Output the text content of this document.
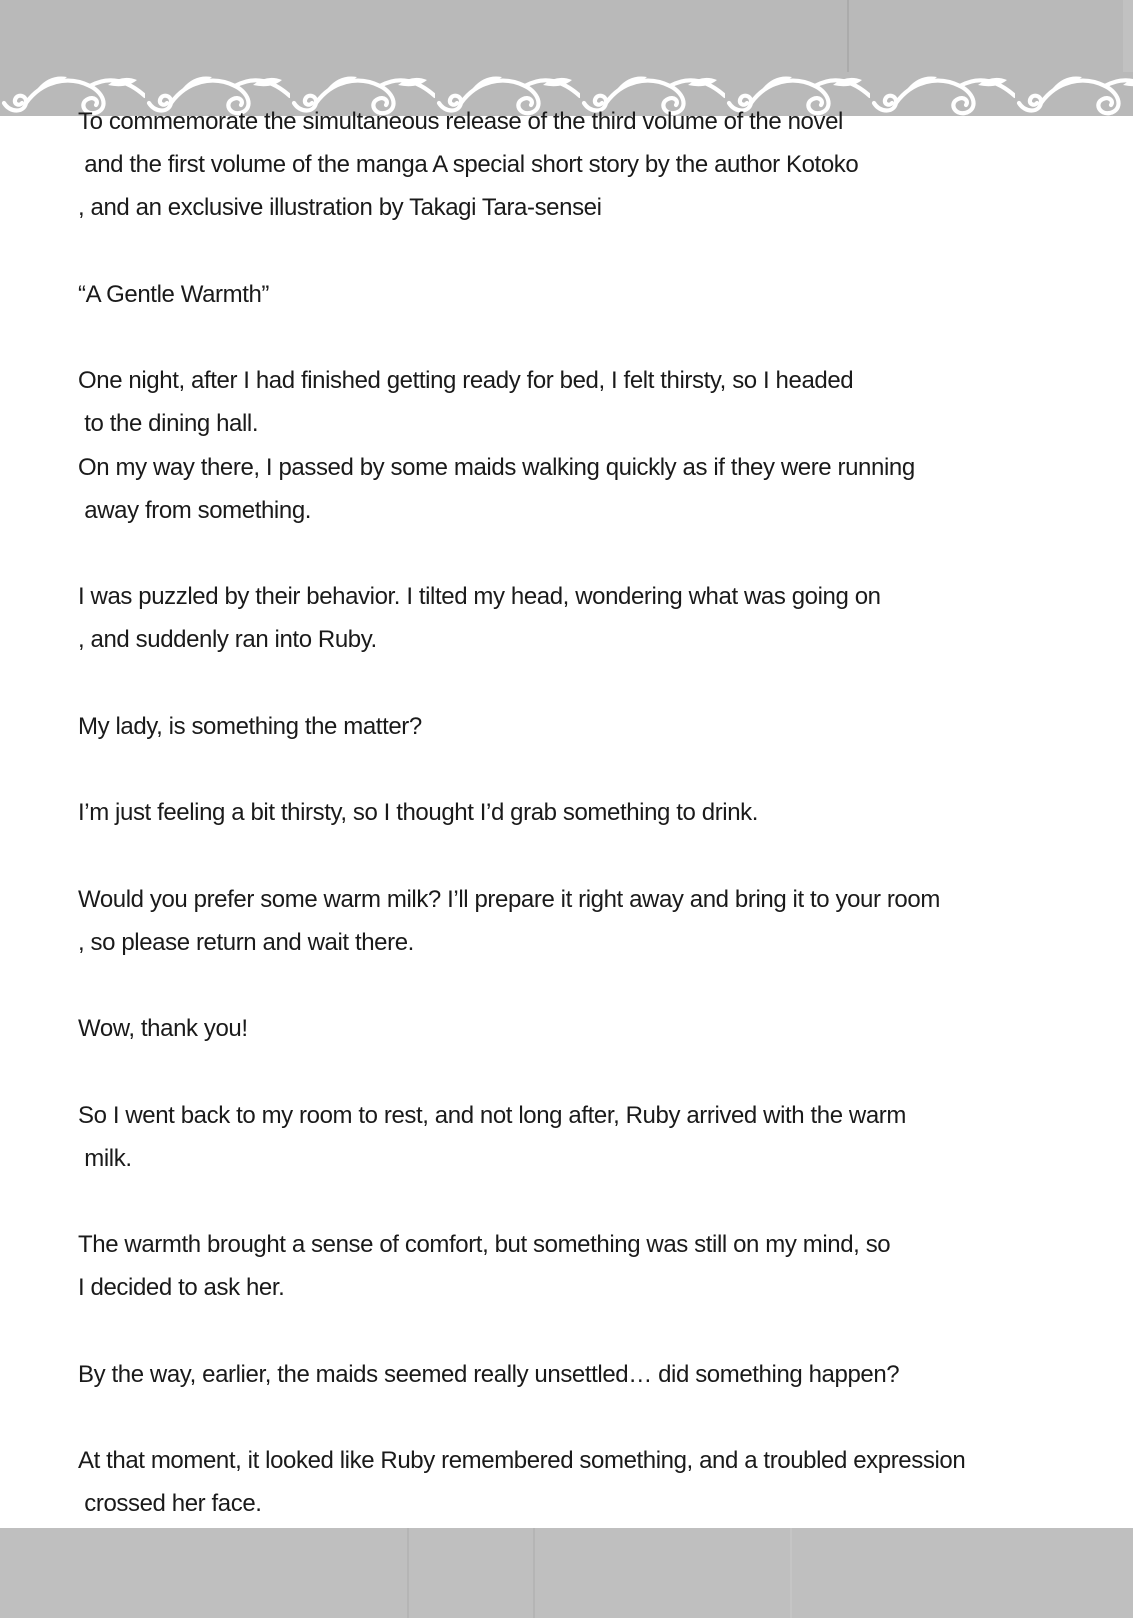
To commemorate the simultaneous release of the third volume of the novel
and the first volume of the manga A special short story by the author Kotoko
, and an exclusive illustration by Takagi Tara-sensei
“A Gentle Warmth”
One night, after I had finished getting ready for bed, I felt thirsty, so I headed
to the dining hall.
On my way there, I passed by some maids walking quickly as if they were running
away from something.
I was puzzled by their behavior. I tilted my head, wondering what was going on
, and suddenly ran into Ruby.
My lady, is something the matter?
I’m just feeling a bit thirsty, so I thought I’d grab something to drink.
Would you prefer some warm milk? I’ll prepare it right away and bring it to your room
, so please return and wait there.
Wow, thank you!
So I went back to my room to rest, and not long after, Ruby arrived with the warm
milk.
The warmth brought a sense of comfort, but something was still on my mind, so
I decided to ask her.
By the way, earlier, the maids seemed really unsettled… did something happen?
At that moment, it looked like Ruby remembered something, and a troubled expression
crossed her face.
